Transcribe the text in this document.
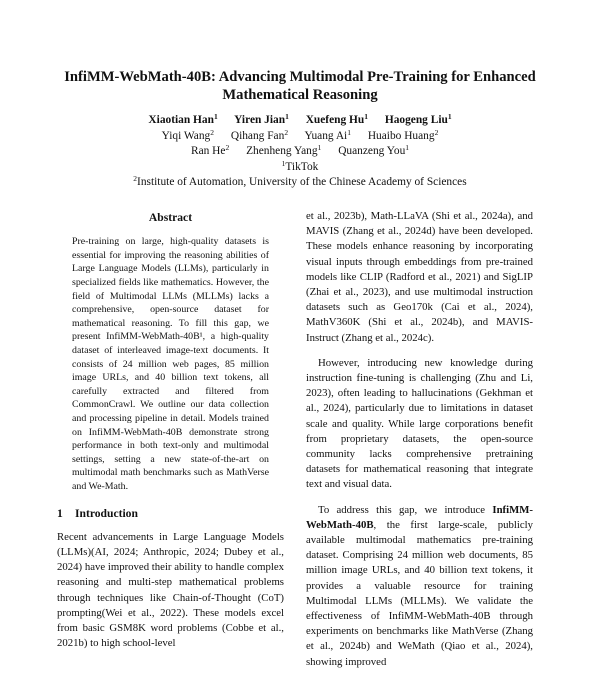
InfiMM-WebMath-40B: Advancing Multimodal Pre-Training for Enhanced
Mathematical Reasoning
Xiaotian Han$^1$ Yiren Jian$^1$ Xuefeng Hu$^1$ Haogeng Liu$^1$
Yiqi Wang$^2$ Qihang Fan$^2$ Yuang Ai$^1$ Huaibo Huang$^2$
Ran He$^2$ Zhenheng Yang$^1$ Quanzeng You$^1$
$^1$TikTok
$^2$Institute of Automation, University of the Chinese Academy of Sciences
Abstract

Pre-training on large, high-quality datasets is essential for improving the reasoning abilities of Large Language Models (LLMs), particularly in specialized fields like mathematics. However, the field of Multimodal LLMs (MLLMs) lacks a comprehensive, open-source dataset for mathematical reasoning. To fill this gap, we present InfiMM-WebMath-40B¹, a high-quality dataset of interleaved image-text documents. It consists of 24 million web pages, 85 million image URLs, and 40 billion text tokens, all carefully extracted and filtered from CommonCrawl. We outline our data collection and processing pipeline in detail. Models trained on InfiMM-WebMath-40B demonstrate strong performance in both text-only and multimodal settings, setting a new state-of-the-art on multimodal math benchmarks such as MathVerse and We-Math.

1 Introduction

Recent advancements in Large Language Models (LLMs)(AI, 2024; Anthropic, 2024; Dubey et al., 2024) have improved their ability to handle complex reasoning and multi-step mathematical problems through techniques like Chain-of-Thought (CoT) prompting(Wei et al., 2022). These models excel from basic GSM8K word problems (Cobbe et al., 2021b) to high school-level

et al., 2023b), Math-LLaVA (Shi et al., 2024a), and MAVIS (Zhang et al., 2024d) have been developed. These models enhance reasoning by incorporating visual inputs through embeddings from pre-trained models like CLIP (Radford et al., 2021) and SigLIP (Zhai et al., 2023), and use multimodal instruction datasets such as Geo170k (Cai et al., 2024), MathV360K (Shi et al., 2024b), and MAVIS-Instruct (Zhang et al., 2024c).

However, introducing new knowledge during instruction fine-tuning is challenging (Zhu and Li, 2023), often leading to hallucinations (Gekhman et al., 2024), particularly due to limitations in dataset scale and quality. While large corporations benefit from proprietary datasets, the open-source community lacks comprehensive pretraining datasets for mathematical reasoning that integrate text and visual data.

To address this gap, we introduce InfiMM-WebMath-40B, the first large-scale, publicly available multimodal mathematics pre-training dataset. Comprising 24 million web documents, 85 million image URLs, and 40 billion text tokens, it provides a valuable resource for training Multimodal LLMs (MLLMs). We validate the effectiveness of InfiMM-WebMath-40B through experiments on benchmarks like MathVerse (Zhang et al., 2024b) and WeMath (Qiao et al., 2024), showing improved
